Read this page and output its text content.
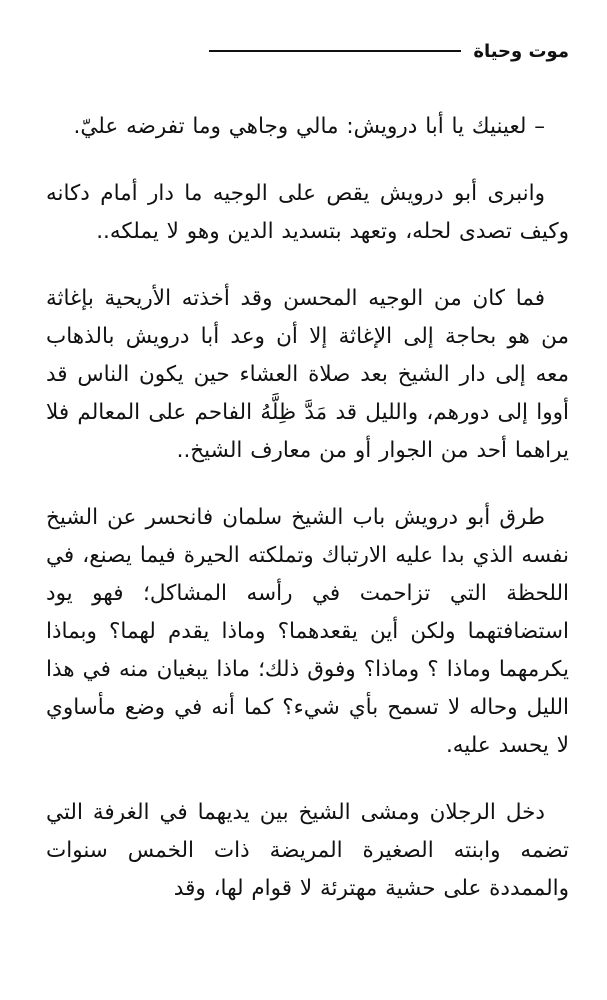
موت وحياة

– لعينيك يا أبا درويش: مالي وجاهي وما تفرضه عليّ.

وانبرى أبو درويش يقص على الوجيه ما دار أمام دكانه وكيف تصدى لحله، وتعهد بتسديد الدين وهو لا يملكه..

فما كان من الوجيه المحسن وقد أخذته الأريحية بإغاثة من هو بحاجة إلى الإغاثة إلا أن وعد أبا درويش بالذهاب معه إلى دار الشيخ بعد صلاة العشاء حين يكون الناس قد أووا إلى دورهم، والليل قد مَدَّ ظِلَّهُ الفاحم على المعالم فلا يراهما أحد من الجوار أو من معارف الشيخ..

طرق أبو درويش باب الشيخ سلمان فانحسر عن الشيخ نفسه الذي بدا عليه الارتباك وتملكته الحيرة فيما يصنع، في اللحظة التي تزاحمت في رأسه المشاكل؛ فهو يود استضافتهما ولكن أين يقعدهما؟ وماذا يقدم لهما؟ وبماذا يكرمهما وماذا ؟ وماذا؟ وفوق ذلك؛ ماذا يبغيان منه في هذا الليل وحاله لا تسمح بأي شيء؟ كما أنه في وضع مأساوي لا يحسد عليه.

دخل الرجلان ومشى الشيخ بين يديهما في الغرفة التي تضمه وابنته الصغيرة المريضة ذات الخمس سنوات والممددة على حشية مهترئة لا قوام لها، وقد
